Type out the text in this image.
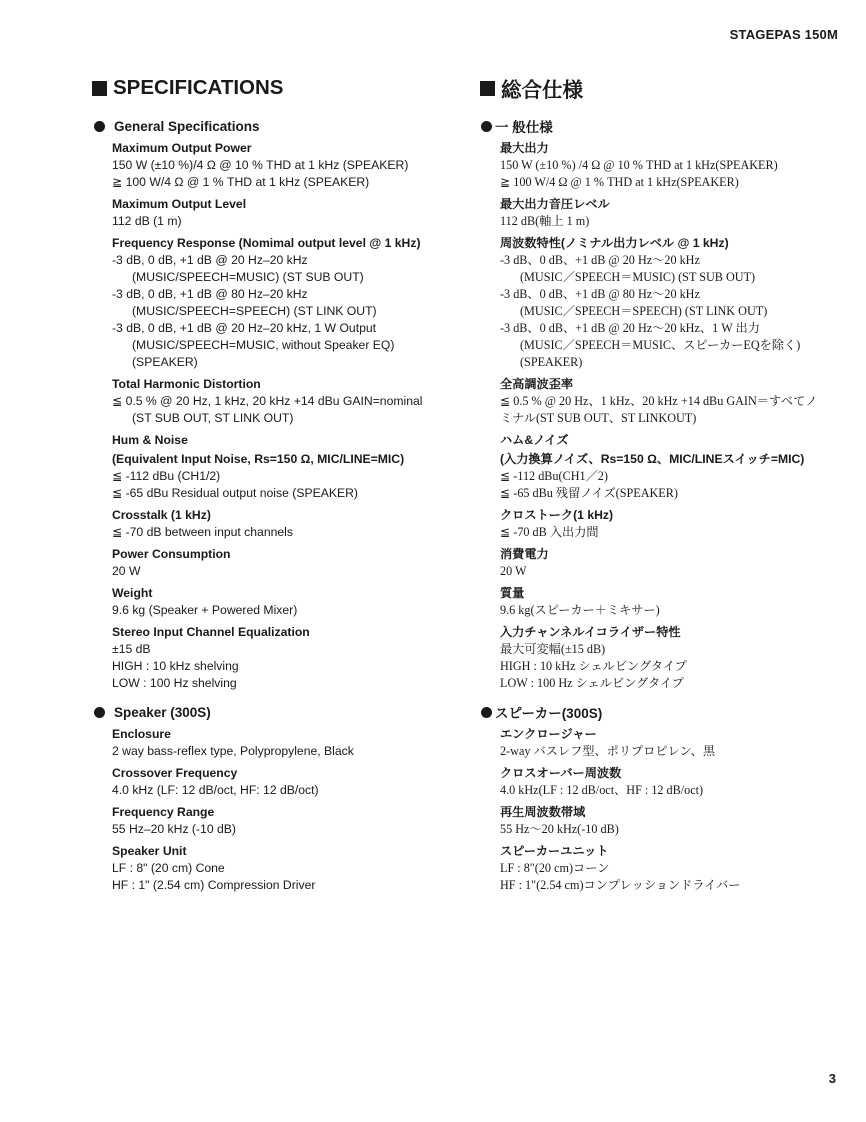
STAGEPAS 150M
SPECIFICATIONS
General Specifications
Maximum Output Power
150 W (±10 %)/4 Ω @ 10 % THD at 1 kHz (SPEAKER)
≧ 100 W/4 Ω @ 1 % THD at 1 kHz (SPEAKER)
Maximum Output Level
112 dB (1 m)
Frequency Response (Nomimal output level @ 1 kHz)
-3 dB, 0 dB, +1 dB @ 20 Hz–20 kHz
(MUSIC/SPEECH=MUSIC) (ST SUB OUT)
-3 dB, 0 dB, +1 dB @ 80 Hz–20 kHz
(MUSIC/SPEECH=SPEECH) (ST LINK OUT)
-3 dB, 0 dB, +1 dB @ 20 Hz–20 kHz, 1 W Output
(MUSIC/SPEECH=MUSIC, without Speaker EQ)
(SPEAKER)
Total Harmonic Distortion
≦ 0.5 % @ 20 Hz, 1 kHz, 20 kHz +14 dBu GAIN=nominal
(ST SUB OUT, ST LINK OUT)
Hum & Noise
(Equivalent Input Noise, Rs=150 Ω, MIC/LINE=MIC)
≦ -112 dBu (CH1/2)
≦ -65 dBu Residual output noise (SPEAKER)
Crosstalk (1 kHz)
≦ -70 dB between input channels
Power Consumption
20 W
Weight
9.6 kg (Speaker + Powered Mixer)
Stereo Input Channel Equalization
±15 dB
HIGH : 10 kHz shelving
LOW : 100 Hz shelving
Speaker (300S)
Enclosure
2 way bass-reflex type, Polypropylene, Black
Crossover Frequency
4.0 kHz (LF: 12 dB/oct, HF: 12 dB/oct)
Frequency Range
55 Hz–20 kHz (-10 dB)
Speaker Unit
LF : 8" (20 cm) Cone
HF : 1" (2.54 cm) Compression Driver
総合仕様
一 般仕様
最大出力
150 W (±10 %) /4 Ω @ 10 % THD at 1 kHz(SPEAKER)
≧ 100 W/4 Ω @ 1 % THD at 1 kHz(SPEAKER)
最大出力音圧レベル
112 dB(軸上 1 m)
周波数特性(ノミナル出力レベル @ 1 kHz)
-3 dB、0 dB、+1 dB @ 20 Hz～20 kHz
(MUSIC／SPEECH＝MUSIC) (ST SUB OUT)
-3 dB、0 dB、+1 dB @ 80 Hz～20 kHz
(MUSIC／SPEECH＝SPEECH) (ST LINK OUT)
-3 dB、0 dB、+1 dB @ 20 Hz～20 kHz、1 W 出力
(MUSIC／SPEECH＝MUSIC、スピーカーEQを除く)
(SPEAKER)
全高調波歪率
≦ 0.5 % @ 20 Hz、1 kHz、20 kHz +14 dBu GAIN＝すべてノ
ミナル(ST SUB OUT、ST LINKOUT)
ハム&ノイズ
(入力換算ノイズ、Rs=150 Ω、MIC/LINEスイッチ=MIC)
≦ -112 dBu(CH1／2)
≦ -65 dBu 残留ノイズ(SPEAKER)
クロストーク(1 kHz)
≦ -70 dB 入出力間
消費電力
20 W
質量
9.6 kg(スピーカー＋ミキサー)
入力チャンネルイコライザー特性
最大可変幅(±15 dB)
HIGH : 10 kHz シェルビングタイプ
LOW : 100 Hz シェルビングタイプ
スピーカー(300S)
エンクロージャー
2-way バスレフ型、ポリプロピレン、黒
クロスオーバー周波数
4.0 kHz(LF : 12 dB/oct、HF : 12 dB/oct)
再生周波数帯域
55 Hz～20 kHz(-10 dB)
スピーカーユニット
LF : 8"(20 cm)コーン
HF : 1"(2.54 cm)コンプレッションドライバー
3
